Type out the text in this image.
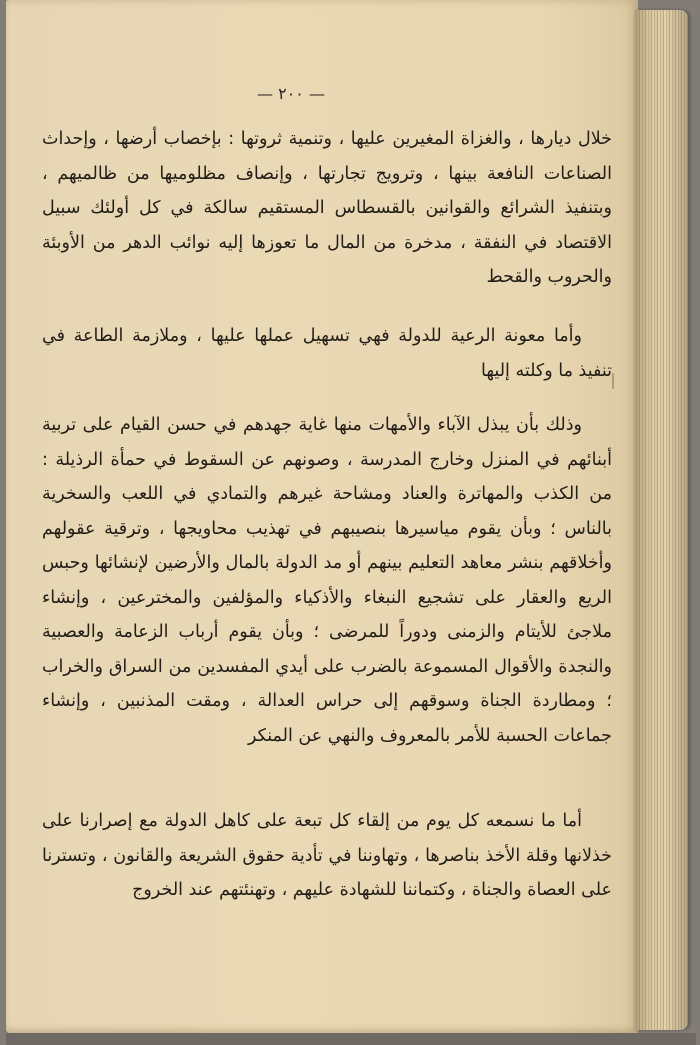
— ٢٠٠ —

خلال ديارها ، والغزاة المغيرين عليها ، وتنمية ثروتها : بإخصاب أرضها ، وإحداث الصناعات النافعة بينها ، وترويج تجارتها ، وإنصاف مظلوميها من ظالميهم ، وبتنفيذ الشرائع والقوانين بالقسطاس المستقيم سالكة في كل أولئك سبيل الاقتصاد في النفقة ، مدخرة من المال ما تعوزها إليه نوائب الدهر من الأوبئة والحروب والقحط

وأما معونة الرعية للدولة فهي تسهيل عملها عليها ، وملازمة الطاعة في تنفيذ ما وكلته إليها

وذلك بأن يبذل الآباء والأمهات منها غاية جهدهم في حسن القيام على تربية أبنائهم في المنزل وخارج المدرسة ، وصونهم عن السقوط في حمأة الرذيلة : من الكذب والمهاترة والعناد ومشاحة غيرهم والتمادي في اللعب والسخرية بالناس ؛ وبأن يقوم مياسيرها بنصيبهم في تهذيب محاويجها ، وترقية عقولهم وأخلاقهم بنشر معاهد التعليم بينهم أو مد الدولة بالمال والأرضين لإنشائها وحبس الريع والعقار على تشجيع النبغاء والأذكياء والمؤلفين والمخترعين ، وإنشاء ملاجئ للأيتام والزمنى ودوراً للمرضى ؛ وبأن يقوم أرباب الزعامة والعصبية والنجدة والأقوال المسموعة بالضرب على أيدي المفسدين من السراق والخراب ؛ ومطاردة الجناة وسوقهم إلى حراس العدالة ، ومقت المذنبين ، وإنشاء جماعات الحسبة للأمر بالمعروف والنهي عن المنكر

أما ما نسمعه كل يوم من إلقاء كل تبعة على كاهل الدولة مع إصرارنا على خذلانها وقلة الأخذ بناصرها ، وتهاوننا في تأدية حقوق الشريعة والقانون ، وتسترنا على العصاة والجناة ، وكتماننا للشهادة عليهم ، وتهنئتهم عند الخروج
